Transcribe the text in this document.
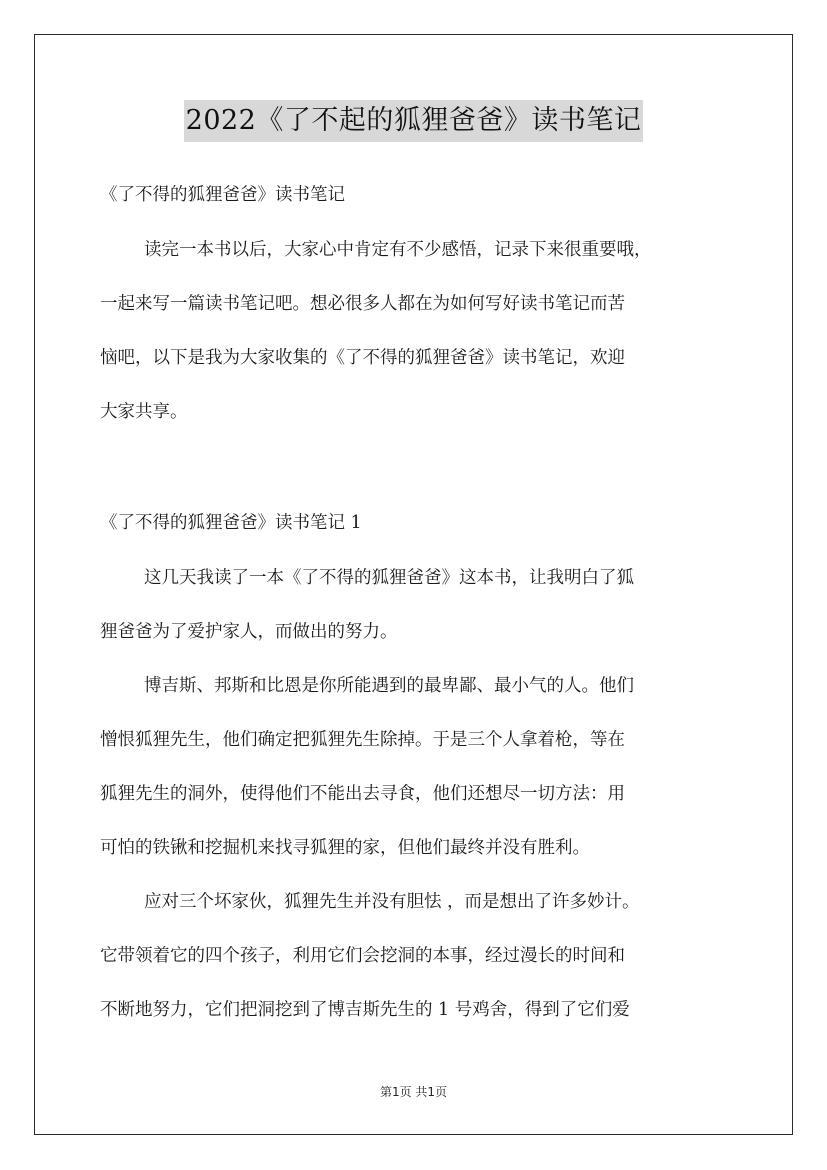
2022《了不起的狐狸爸爸》读书笔记
《了不得的狐狸爸爸》读书笔记
读完一本书以后，大家心中肯定有不少感悟，记录下来很重要哦，
一起来写一篇读书笔记吧。想必很多人都在为如何写好读书笔记而苦
恼吧，以下是我为大家收集的《了不得的狐狸爸爸》读书笔记，欢迎
大家共享。
《了不得的狐狸爸爸》读书笔记 1
这几天我读了一本《了不得的狐狸爸爸》这本书，让我明白了狐
狸爸爸为了爱护家人，而做出的努力。
博吉斯、邦斯和比恩是你所能遇到的最卑鄙、最小气的人。他们
憎恨狐狸先生，他们确定把狐狸先生除掉。于是三个人拿着枪，等在
狐狸先生的洞外，使得他们不能出去寻食，他们还想尽一切方法：用
可怕的铁锹和挖掘机来找寻狐狸的家，但他们最终并没有胜利。
应对三个坏家伙，狐狸先生并没有胆怯 ，而是想出了许多妙计。
它带领着它的四个孩子，利用它们会挖洞的本事，经过漫长的时间和
不断地努力，它们把洞挖到了博吉斯先生的 1 号鸡舍，得到了它们爱
第1页 共1页
